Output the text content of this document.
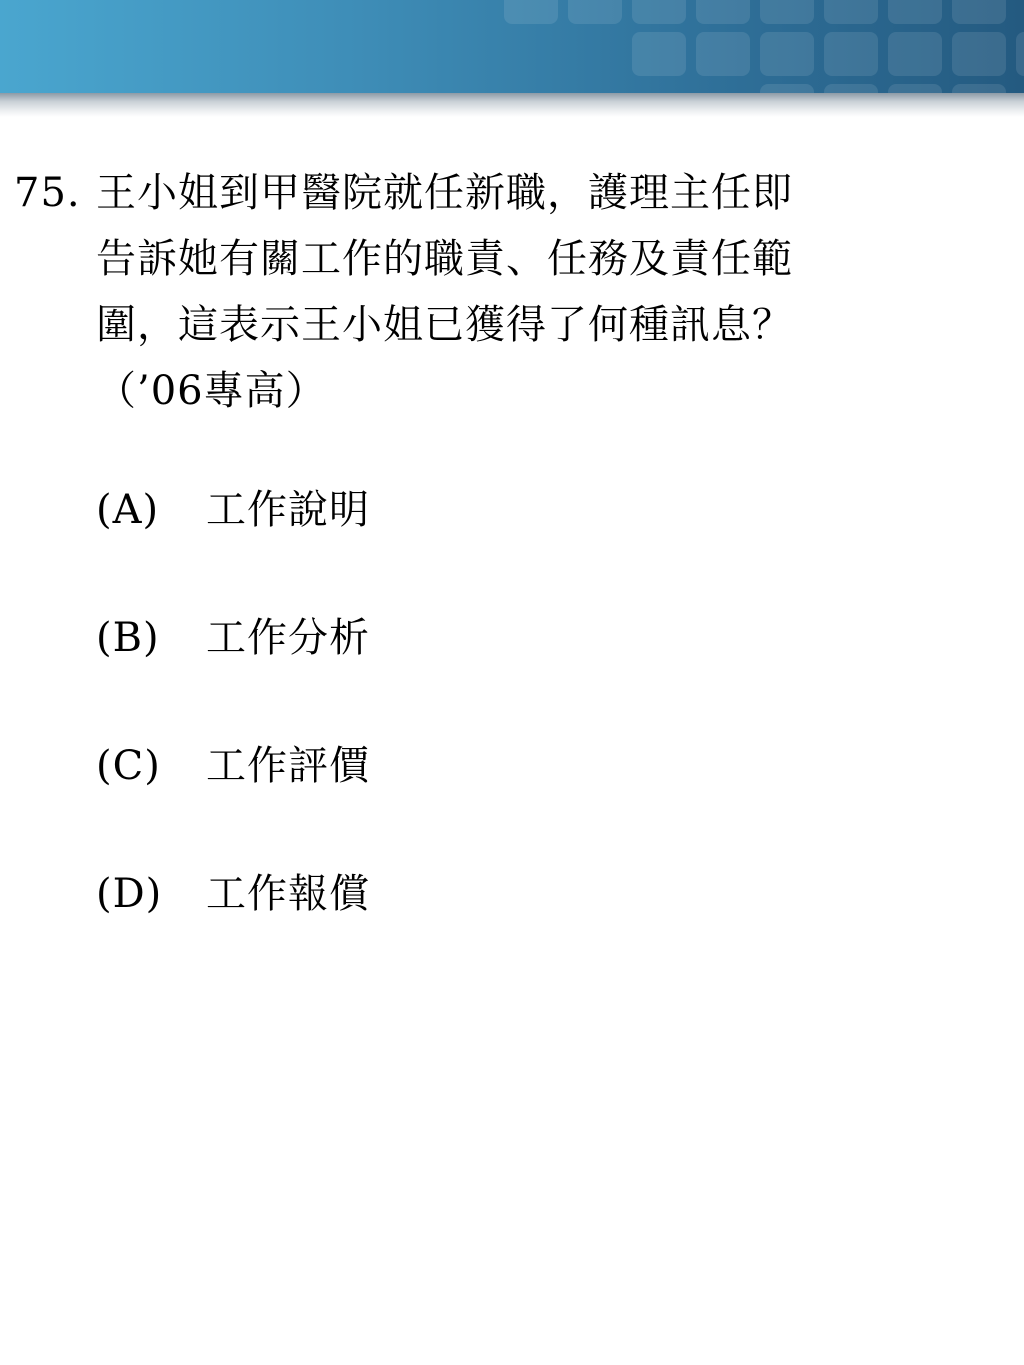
75. 王小姐到甲醫院就任新職，護理主任即
告訴她有關工作的職責、任務及責任範
圍，這表示王小姐已獲得了何種訊息？
（’06專高）
(A) 工作說明
(B) 工作分析
(C) 工作評價
(D) 工作報償
